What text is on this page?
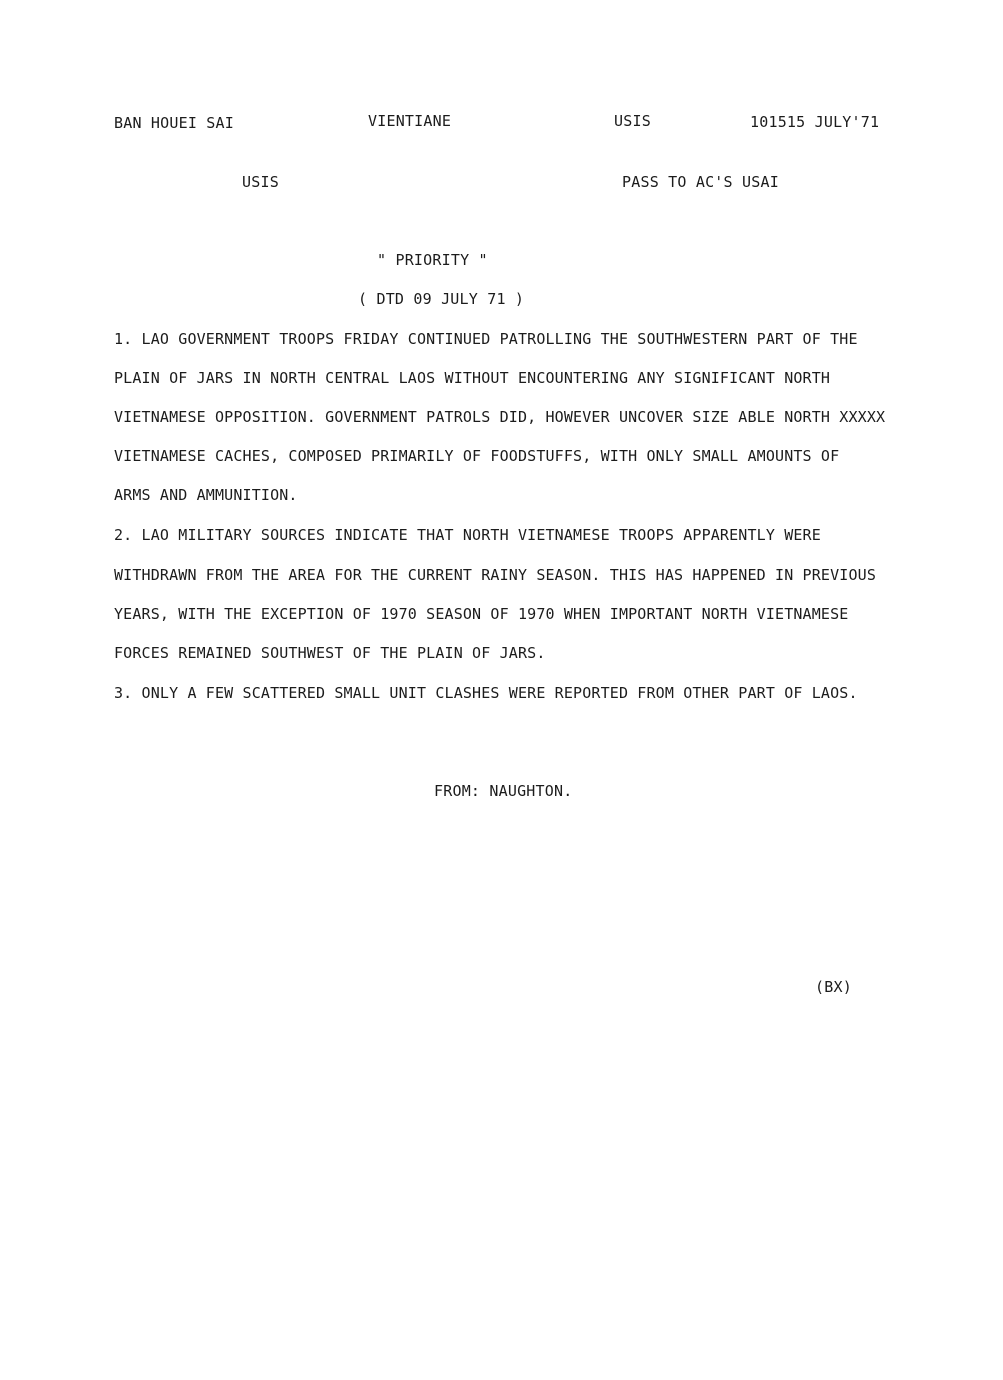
BAN HOUEI SAI	VIENTIANE	USIS	101515 JULY'71
USIS	PASS TO AC'S USAI
" PRIORITY "
( DTD 09 JULY 71 )
1. LAO GOVERNMENT TROOPS FRIDAY CONTINUED PATROLLING THE SOUTHWESTERN PART OF THE
PLAIN OF JARS IN NORTH CENTRAL LAOS WITHOUT ENCOUNTERING ANY SIGNIFICANT NORTH
VIETNAMESE OPPOSITION. GOVERNMENT PATROLS DID, HOWEVER UNCOVER SIZE ABLE NORTH XXXXX
VIETNAMESE CACHES, COMPOSED PRIMARILY OF FOODSTUFFS, WITH ONLY SMALL AMOUNTS OF
ARMS AND AMMUNITION.
2. LAO MILITARY SOURCES INDICATE THAT NORTH VIETNAMESE TROOPS APPARENTLY WERE
WITHDRAWN FROM THE AREA FOR THE CURRENT RAINY SEASON. THIS HAS HAPPENED IN PREVIOUS
YEARS, WITH THE EXCEPTION OF 1970 SEASON OF 1970 WHEN IMPORTANT NORTH VIETNAMESE
FORCES REMAINED SOUTHWEST OF THE PLAIN OF JARS.
3. ONLY A FEW SCATTERED SMALL UNIT CLASHES WERE REPORTED FROM OTHER PART OF LAOS.
FROM: NAUGHTON.
(BX)
